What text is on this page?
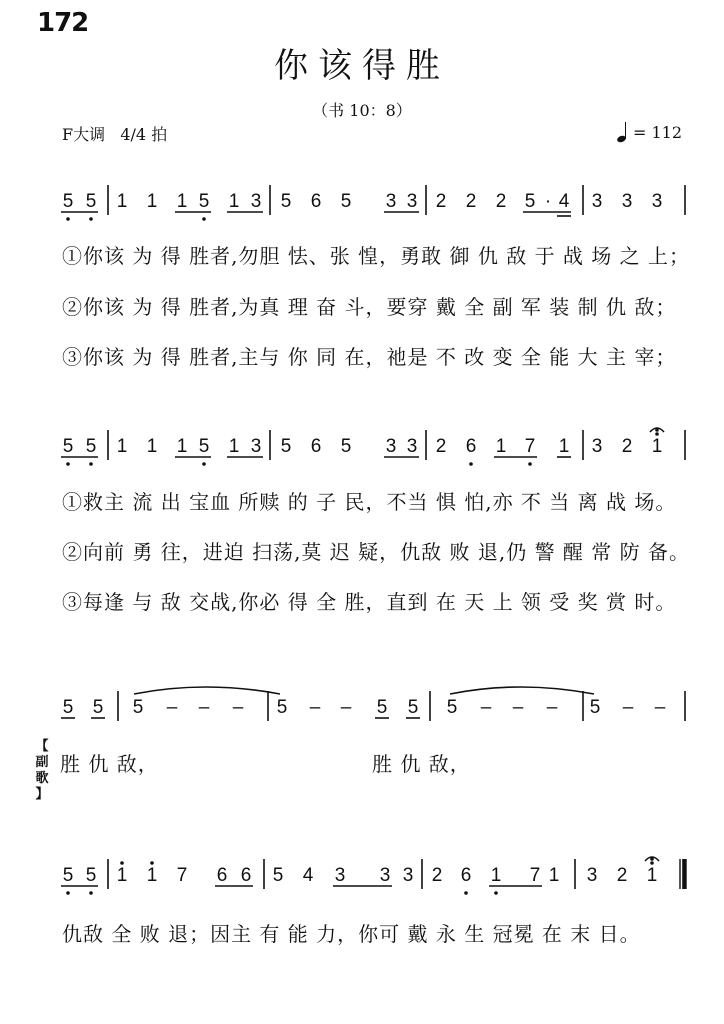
172
你该得胜
（书 10：8）
F大调   4/4 拍	= 112
5 5 1 1 1 5 1 3 5 6 5 3 3 2 2 2 5 · 4 3 3 3
5 5 1 1 1 5 1 3 5 6 5 3 3 2 6 1 7 1 3 2 1
5 5 5 – – – 5 – – 5 5 5 – – – 5 – –
5 5 1 1 7 6 6 5 4 3 3 3 2 6 1 7 1 3 2 1
①你该 为 得 胜者,勿胆 怯、张 惶，勇敢 御 仇 敌 于 战 场 之 上；
②你该 为 得 胜者,为真 理 奋 斗，要穿 戴 全 副 军 装 制 仇 敌；
③你该 为 得 胜者,主与 你 同 在，祂是 不 改 变 全 能 大 主 宰；
①救主 流 出 宝血 所赎 的 子 民，不当 惧 怕,亦 不 当 离 战 场。
②向前 勇 往，进迫 扫荡,莫 迟 疑，仇敌 败 退,仍 警 醒 常 防 备。
③每逢 与 敌 交战,你必 得 全 胜，直到 在 天 上 领 受 奖 赏 时。
【
副
歌
】
胜 仇 敌，	胜 仇 敌，
仇敌 全 败 退；因主 有 能 力，你可 戴 永 生 冠冕 在 末 日。
